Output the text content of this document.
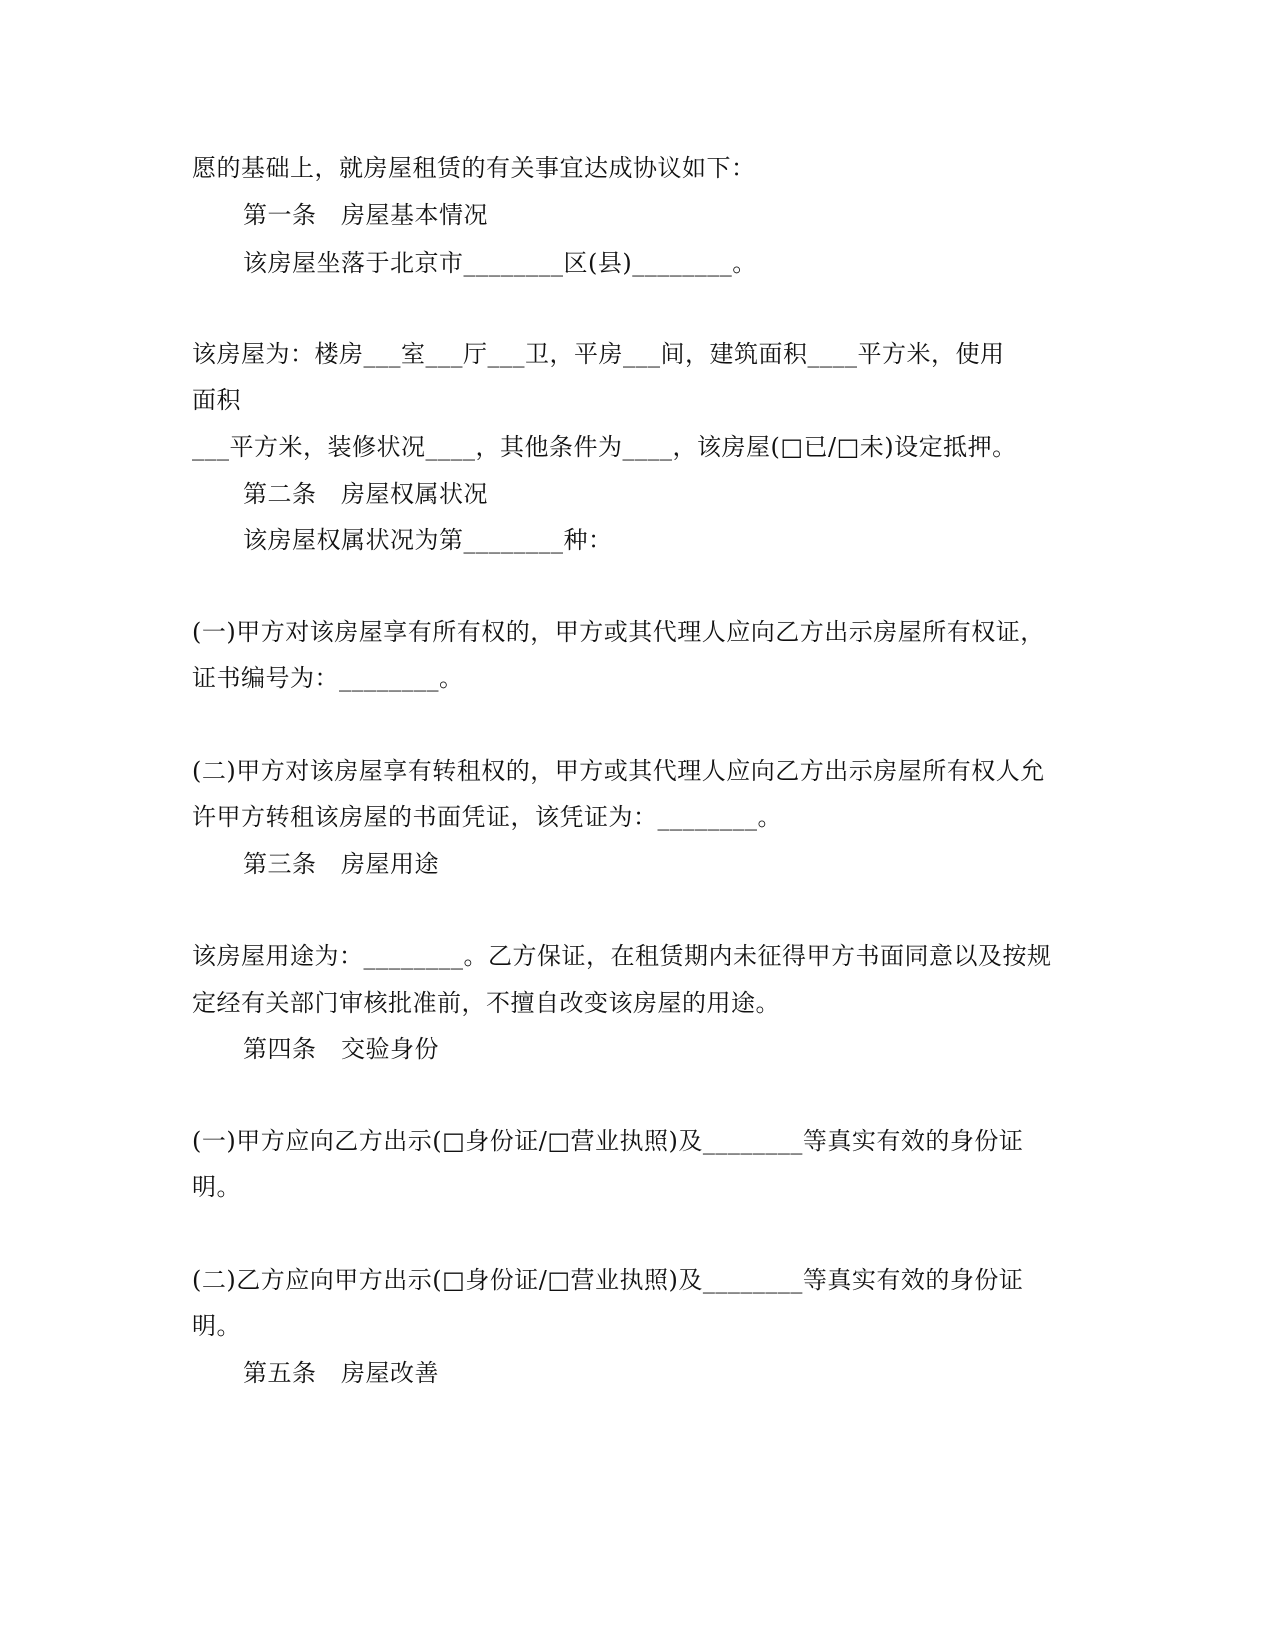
愿的基础上，就房屋租赁的有关事宜达成协议如下：
第一条　房屋基本情况
该房屋坐落于北京市________区(县)________。
该房屋为：楼房___室___厅___卫，平房___间，建筑面积____平方米，使用
面积
___平方米，装修状况____，其他条件为____，该房屋(□已/□未)设定抵押。
第二条　房屋权属状况
该房屋权属状况为第________种：
(一)甲方对该房屋享有所有权的，甲方或其代理人应向乙方出示房屋所有权证，
证书编号为：________。
(二)甲方对该房屋享有转租权的，甲方或其代理人应向乙方出示房屋所有权人允
许甲方转租该房屋的书面凭证，该凭证为：________。
第三条　房屋用途
该房屋用途为：________。乙方保证，在租赁期内未征得甲方书面同意以及按规
定经有关部门审核批准前，不擅自改变该房屋的用途。
第四条　交验身份
(一)甲方应向乙方出示(□身份证/□营业执照)及________等真实有效的身份证
明。
(二)乙方应向甲方出示(□身份证/□营业执照)及________等真实有效的身份证
明。
第五条　房屋改善
